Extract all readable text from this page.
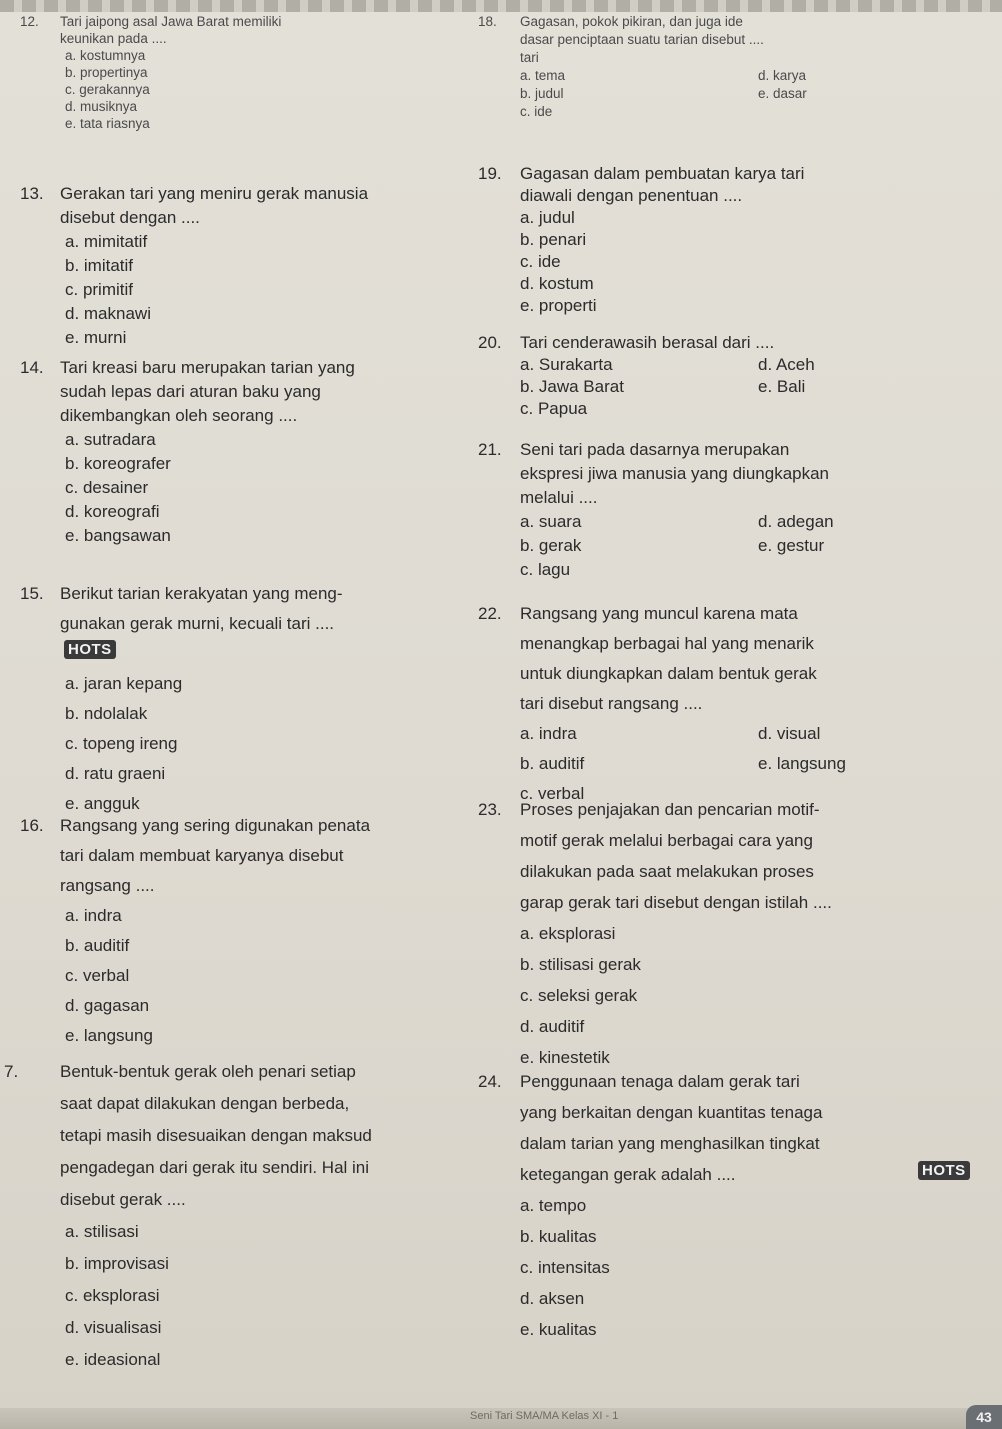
12. Tari jaipong asal Jawa Barat memiliki
keunikan pada ....
a. kostumnya
b. propertinya
c. gerakannya
d. musiknya
e. tata riasnya
13. Gerakan tari yang meniru gerak manusia
disebut dengan ....
a. mimitatif
b. imitatif
c. primitif
d. maknawi
e. murni
14. Tari kreasi baru merupakan tarian yang
sudah lepas dari aturan baku yang
dikembangkan oleh seorang ....
a. sutradara
b. koreografer
c. desainer
d. koreografi
e. bangsawan
15. Berikut tarian kerakyatan yang meng-
gunakan gerak murni, kecuali tari ....
HOTS
a. jaran kepang
b. ndolalak
c. topeng ireng
d. ratu graeni
e. angguk
16. Rangsang yang sering digunakan penata
tari dalam membuat karyanya disebut
rangsang ....
a. indra
b. auditif
c. verbal
d. gagasan
e. langsung
7. Bentuk-bentuk gerak oleh penari setiap
saat dapat dilakukan dengan berbeda,
tetapi masih disesuaikan dengan maksud
pengadegan dari gerak itu sendiri. Hal ini
disebut gerak ....
a. stilisasi
b. improvisasi
c. eksplorasi
d. visualisasi
e. ideasional
18. Gagasan, pokok pikiran, dan juga ide
dasar penciptaan suatu tarian disebut ....
tari
a. tema	d. karya
b. judul	e. dasar
c. ide
19. Gagasan dalam pembuatan karya tari
diawali dengan penentuan ....
a. judul
b. penari
c. ide
d. kostum
e. properti
20. Tari cenderawasih berasal dari ....
a. Surakarta	d. Aceh
b. Jawa Barat	e. Bali
c. Papua
21. Seni tari pada dasarnya merupakan
ekspresi jiwa manusia yang diungkapkan
melalui ....
a. suara	d. adegan
b. gerak	e. gestur
c. lagu
22. Rangsang yang muncul karena mata
menangkap berbagai hal yang menarik
untuk diungkapkan dalam bentuk gerak
tari disebut rangsang ....
a. indra	d. visual
b. auditif	e. langsung
c. verbal
23. Proses penjajakan dan pencarian motif-
motif gerak melalui berbagai cara yang
dilakukan pada saat melakukan proses
garap gerak tari disebut dengan istilah ....
a. eksplorasi
b. stilisasi gerak
c. seleksi gerak
d. auditif
e. kinestetik
24. Penggunaan tenaga dalam gerak tari
yang berkaitan dengan kuantitas tenaga
dalam tarian yang menghasilkan tingkat
ketegangan gerak adalah ....	HOTS
a. tempo
b. kualitas
c. intensitas
d. aksen
e. kualitas
Seni Tari SMA/MA Kelas XI - 1	43
